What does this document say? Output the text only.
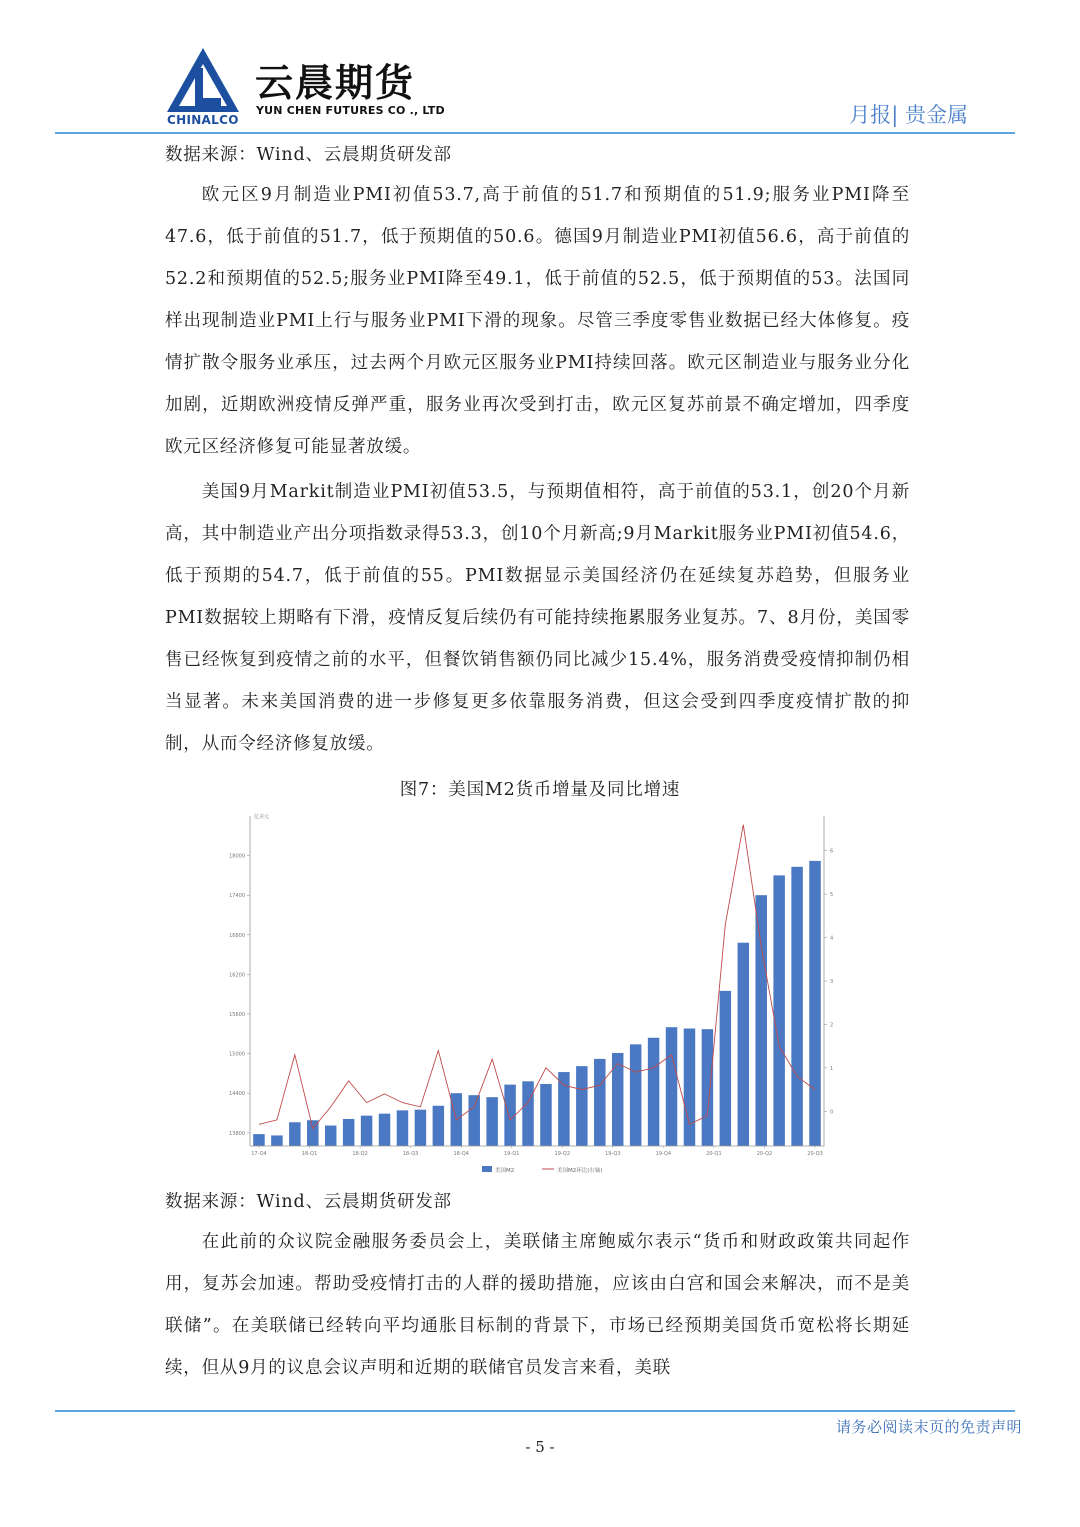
CHINALCO
云晨期货
YUN CHEN FUTURES CO ., LTD	月报| 贵金属
数据来源：Wind、云晨期货研发部
欧元区9月制造业PMI初值53.7,高于前值的51.7和预期值的51.9;服务业PMI降至47.6，低于前值的51.7，低于预期值的50.6。德国9月制造业PMI初值56.6，高于前值的52.2和预期值的52.5;服务业PMI降至49.1，低于前值的52.5，低于预期值的53。法国同样出现制造业PMI上行与服务业PMI下滑的现象。尽管三季度零售业数据已经大体修复。疫情扩散令服务业承压，过去两个月欧元区服务业PMI持续回落。欧元区制造业与服务业分化加剧，近期欧洲疫情反弹严重，服务业再次受到打击，欧元区复苏前景不确定增加，四季度欧元区经济修复可能显著放缓。
美国9月Markit制造业PMI初值53.5，与预期值相符，高于前值的53.1，创20个月新高，其中制造业产出分项指数录得53.3，创10个月新高;9月Markit服务业PMI初值54.6，低于预期的54.7，低于前值的55。PMI数据显示美国经济仍在延续复苏趋势，但服务业PMI数据较上期略有下滑，疫情反复后续仍有可能持续拖累服务业复苏。7、8月份，美国零售已经恢复到疫情之前的水平，但餐饮销售额仍同比减少15.4%，服务消费受疫情抑制仍相当显著。未来美国消费的进一步修复更多依靠服务消费，但这会受到四季度疫情扩散的抑制，从而令经济修复放缓。
图7：美国M2货币增量及同比增速
亿美元
13800
14400
15000
15600
16200
16800
17400
18000
0
1
2
3
4
5
6
17-Q4	18-Q1	18-Q2	18-Q3	18-Q4	19-Q1	19-Q2	19-Q3	19-Q4	20-Q1	20-Q2	20-Q3
美国M2	美国M2环比(右轴)
数据来源：Wind、云晨期货研发部
在此前的众议院金融服务委员会上，美联储主席鲍威尔表示“货币和财政政策共同起作用，复苏会加速。帮助受疫情打击的人群的援助措施，应该由白宫和国会来解决，而不是美联储”。在美联储已经转向平均通胀目标制的背景下，市场已经预期美国货币宽松将长期延续，但从9月的议息会议声明和近期的联储官员发言来看，美联
请务必阅读末页的免责声明
- 5 -
